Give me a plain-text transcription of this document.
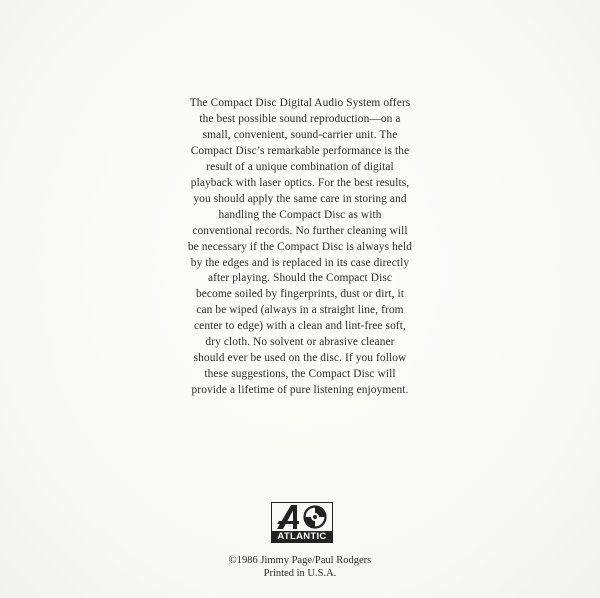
The Compact Disc Digital Audio System offers
the best possible sound reproduction—on a
small, convenient, sound-carrier unit. The
Compact Disc’s remarkable performance is the
result of a unique combination of digital
playback with laser optics. For the best results,
you should apply the same care in storing and
handling the Compact Disc as with
conventional records. No further cleaning will
be necessary if the Compact Disc is always held
by the edges and is replaced in its case directly
after playing. Should the Compact Disc
become soiled by fingerprints, dust or dirt, it
can be wiped (always in a straight line, from
center to edge) with a clean and lint-free soft,
dry cloth. No solvent or abrasive cleaner
should ever be used on the disc. If you follow
these suggestions, the Compact Disc will
provide a lifetime of pure listening enjoyment.

ATLANTIC
©1986 Jimmy Page/Paul Rodgers
Printed in U.S.A.
